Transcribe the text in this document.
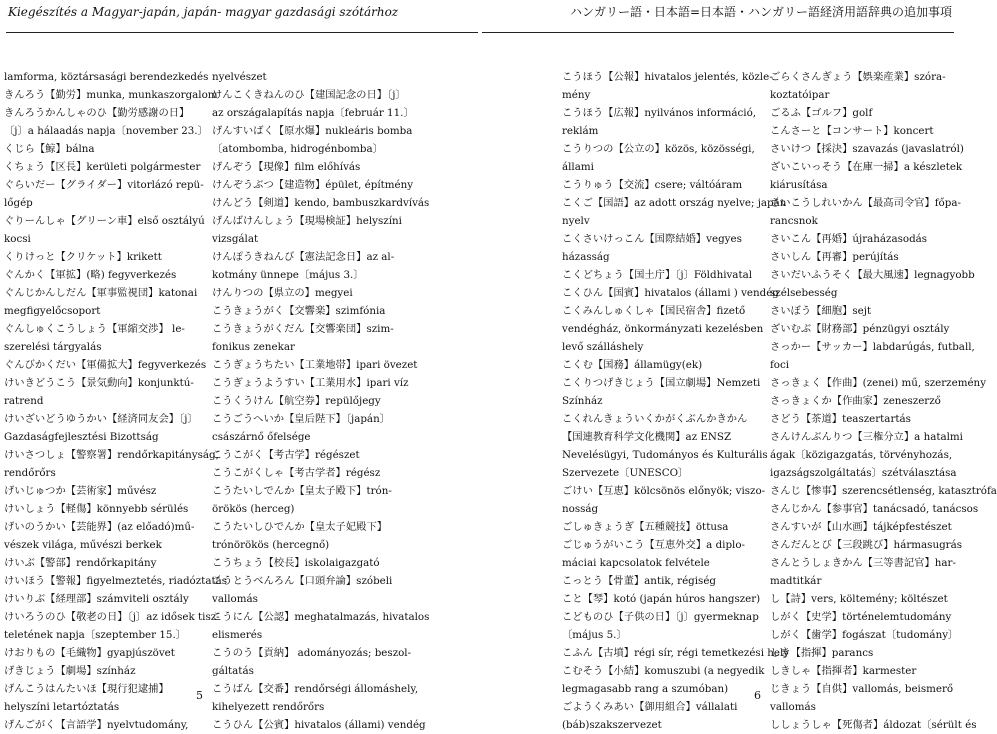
Kiegészítés a Magyar-japán, japán- magyar gazdasági szótárhoz	ハンガリー語・日本語=日本語・ハンガリー語経済用語辞典の追加事項
lamforma, köztársasági berendezkedés
きんろう【勤労】munka, munkaszorgalom
きんろうかんしゃのひ【勤労感謝の日】
〔j〕a hálaadás napja〔november 23.〕
くじら【鯨】bálna
くちょう【区長】kerületi polgármester
ぐらいだー【グライダー】vitorlázó repü-
lőgép
ぐりーんしゃ【グリーン車】első osztályú
kocsi
くりけっと【クリケット】krikett
ぐんかく【軍拡】(略) fegyverkezés
ぐんじかんしだん【軍事監視団】katonai
megfigyelőcsoport
ぐんしゅくこうしょう【軍縮交渉】 le-
szerelési tárgyalás
ぐんびかくだい【軍備拡大】fegyverkezés
けいきどうこう【景気動向】konjunktú-
ratrend
けいざいどうゆうかい【経済同友会】〔j〕
Gazdaságfejlesztési Bizottság
けいさつしょ【警察署】rendőrkapitányság,
rendőrőrs
げいじゅつか【芸術家】művész
けいしょう【軽傷】könnyebb sérülés
げいのうかい【芸能界】(az előadó)mű-
vészek világa, művészi berkek
けいぶ【警部】rendőrkapitány
けいほう【警報】figyelmeztetés, riadóztatás
けいりぶ【経理部】számviteli osztály
けいろうのひ【敬老の日】〔j〕az idősek tisz-
teletének napja〔szeptember 15.〕
けおりもの【毛織物】gyapjúszövet
げきじょう【劇場】színház
げんこうはんたいほ【現行犯逮捕】
helyszíni letartóztatás
げんごがく【言語学】nyelvtudomány,
nyelvészet
けんこくきねんのひ【建国記念の日】〔j〕
az országalapítás napja〔február 11.〕
げんすいばく【原水爆】nukleáris bomba
〔atombomba, hidrogénbomba〕
げんぞう【現像】film előhívás
けんぞうぶつ【建造物】épület, építmény
けんどう【剣道】kendo, bambuszkardvívás
げんばけんしょう【現場検証】helyszíni
vizsgálat
けんぽうきねんび【憲法記念日】az al-
kotmány ünnepe〔május 3.〕
けんりつの【県立の】megyei
こうきょうがく【交響楽】szimfónia
こうきょうがくだん【交響楽団】szim-
fonikus zenekar
こうぎょうちたい【工業地帯】ipari övezet
こうぎょうようすい【工業用水】ipari víz
こうくうけん【航空券】repülőjegy
こうごうへいか【皇后陛下】〔japán〕
császárnő őfelsége
こうこがく【考古学】régészet
こうこがくしゃ【考古学者】régész
こうたいしでんか【皇太子殿下】trón-
örökös (herceg)
こうたいしひでんか【皇太子妃殿下】
trónörökös (hercegnő)
こうちょう【校長】iskolaigazgató
こうとうべんろん【口頭弁論】szóbeli
vallomás
こうにん【公認】meghatalmazás, hivatalos
elismerés
こうのう【貢納】 adományozás; beszol-
gáltatás
こうばん【交番】rendőrségi állomáshely,
kihelyezett rendőrőrs
こうひん【公賓】hivatalos (állami) vendég
こうほう【公報】hivatalos jelentés, közle-
mény
こうほう【広報】nyilvános információ,
reklám
こうりつの【公立の】közös, közösségi,
állami
こうりゅう【交流】csere; váltóáram
こくご【国語】az adott ország nyelve; japán
nyelv
こくさいけっこん【国際結婚】vegyes
házasság
こくどちょう【国土庁】〔j〕Földhivatal
こくひん【国賓】hivatalos (állami ) vendég
こくみんしゅくしゃ【国民宿舎】fizető
vendégház, önkormányzati kezelésben
levő szálláshely
こくむ【国務】államügy(ek)
こくりつげきじょう【国立劇場】Nemzeti
Színház
こくれんきょういくかがくぶんかきかん
【国連教育科学文化機関】az ENSZ
Nevelésügyi, Tudományos és Kulturális
Szervezete〔UNESCO〕
ごけい【互恵】kölcsönös előnyök; viszo-
nosság
ごしゅきょうぎ【五種競技】öttusa
ごじゅうがいこう【互恵外交】a diplo-
máciai kapcsolatok felvétele
こっとう【骨董】antik, régiség
こと【琴】kotó (japán húros hangszer)
こどものひ【子供の日】〔j〕gyermeknap
〔május 5.〕
こふん【古墳】régi sír, régi temetkezési hely
こむそう【小結】komuszubi (a negyedik
legmagasabb rang a szumóban)
ごようくみあい【御用組合】vállalati
(báb)szakszervezet
ごらくさんぎょう【娯楽産業】szóra-
koztatóipar
ごるふ【ゴルフ】golf
こんさーと【コンサート】koncert
さいけつ【採決】szavazás (javaslatról)
ざいこいっそう【在庫一掃】a készletek
kiárusítása
さいこうしれいかん【最高司令官】főpa-
rancsnok
さいこん【再婚】újraházasodás
さいしん【再審】perújítás
さいだいふうそく【最大風速】legnagyobb
szélsebesség
さいぼう【細胞】sejt
ざいむぶ【財務部】pénzügyi osztály
さっかー【サッカー】labdarúgás, futball,
foci
さっきょく【作曲】(zenei) mű, szerzemény
さっきょくか【作曲家】zeneszerző
さどう【茶道】teaszertartás
さんけんぶんりつ【三権分立】a hatalmi
ágak〔közigazgatás, törvényhozás,
igazságszolgáltatás〕szétválasztása
さんじ【惨事】szerencsétlenség, katasztrófa
さんじかん【参事官】tanácsadó, tanácsos
さんすいが【山水画】tájképfestészet
さんだんとび【三段跳び】hármasugrás
さんとうしょきかん【三等書記官】har-
madtitkár
し【詩】vers, költemény; költészet
しがく【史学】történelemtudomány
しがく【歯学】fogászat〔tudomány〕
しき【指揮】parancs
しきしゃ【指揮者】karmester
じきょう【自供】vallomás, beismerő
vallomás
ししょうしゃ【死傷者】áldozat〔sérült és
5	6
